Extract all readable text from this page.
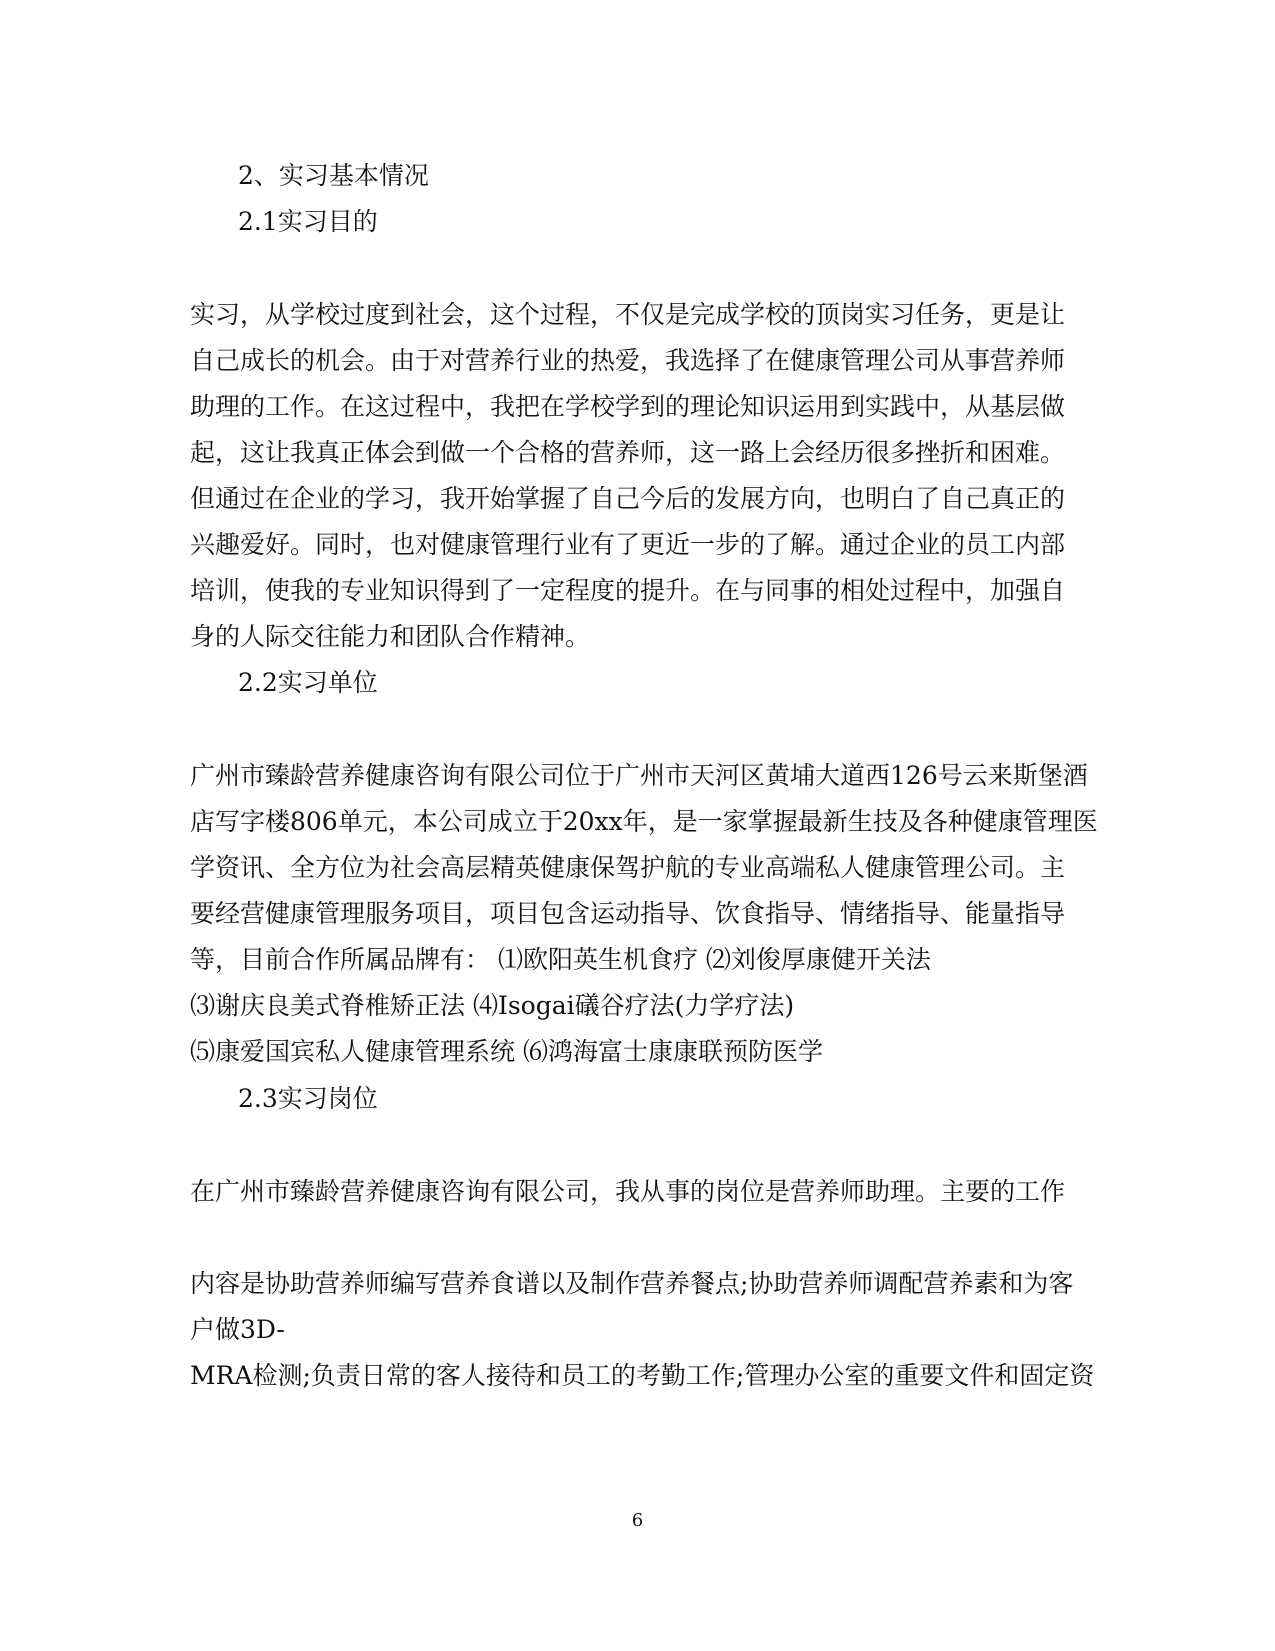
2、实习基本情况
2.1实习目的
实习，从学校过度到社会，这个过程，不仅是完成学校的顶岗实习任务，更是让
自己成长的机会。由于对营养行业的热爱，我选择了在健康管理公司从事营养师
助理的工作。在这过程中，我把在学校学到的理论知识运用到实践中，从基层做
起，这让我真正体会到做一个合格的营养师，这一路上会经历很多挫折和困难。
但通过在企业的学习，我开始掌握了自己今后的发展方向，也明白了自己真正的
兴趣爱好。同时，也对健康管理行业有了更近一步的了解。通过企业的员工内部
培训，使我的专业知识得到了一定程度的提升。在与同事的相处过程中，加强自
身的人际交往能力和团队合作精神。
2.2实习单位
广州市臻龄营养健康咨询有限公司位于广州市天河区黄埔大道西126号云来斯堡酒
店写字楼806单元，本公司成立于20xx年，是一家掌握最新生技及各种健康管理医
学资讯、全方位为社会高层精英健康保驾护航的专业高端私人健康管理公司。主
要经营健康管理服务项目，项目包含运动指导、饮食指导、情绪指导、能量指导
等，目前合作所属品牌有： ⑴欧阳英生机食疗 ⑵刘俊厚康健开关法
⑶谢庆良美式脊椎矫正法 ⑷Isogai礒谷疗法(力学疗法)
⑸康爱国宾私人健康管理系统 ⑹鸿海富士康康联预防医学
2.3实习岗位
在广州市臻龄营养健康咨询有限公司，我从事的岗位是营养师助理。主要的工作
内容是协助营养师编写营养食谱以及制作营养餐点;协助营养师调配营养素和为客
户做3D-
MRA检测;负责日常的客人接待和员工的考勤工作;管理办公室的重要文件和固定资
6
